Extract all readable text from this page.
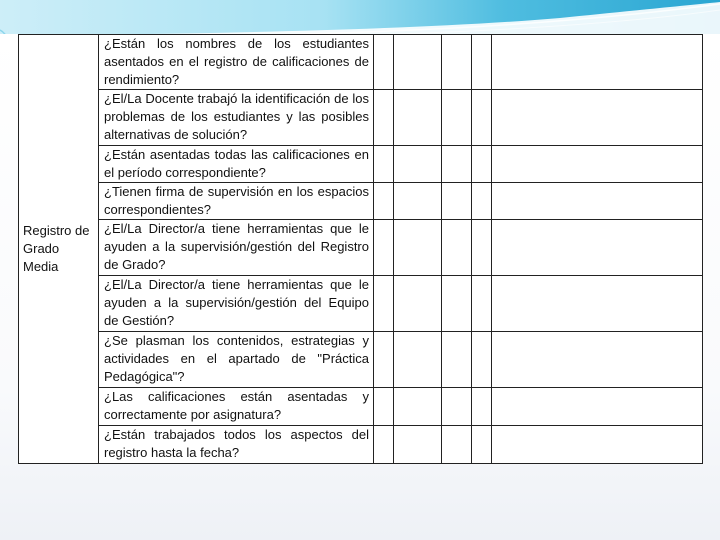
Registro de Grado Media	¿Están los nombres de los estudiantes asentados en el registro de calificaciones de rendimiento?					
	¿El/La Docente trabajó la identificación de los problemas de los estudiantes y las posibles alternativas de solución?					
	¿Están asentadas todas las calificaciones en el período correspondiente?					
	¿Tienen firma de supervisión en los espacios correspondientes?					
	¿El/La Director/a tiene herramientas que le ayuden a la supervisión/gestión del Registro de Grado?					
	¿El/La Director/a tiene herramientas que le ayuden a la supervisión/gestión del Equipo de Gestión?					
	¿Se plasman los contenidos, estrategias y actividades en el apartado de "Práctica Pedagógica"?					
	¿Las calificaciones están asentadas y correctamente por asignatura?					
	¿Están trabajados todos los aspectos del registro hasta la fecha?					
